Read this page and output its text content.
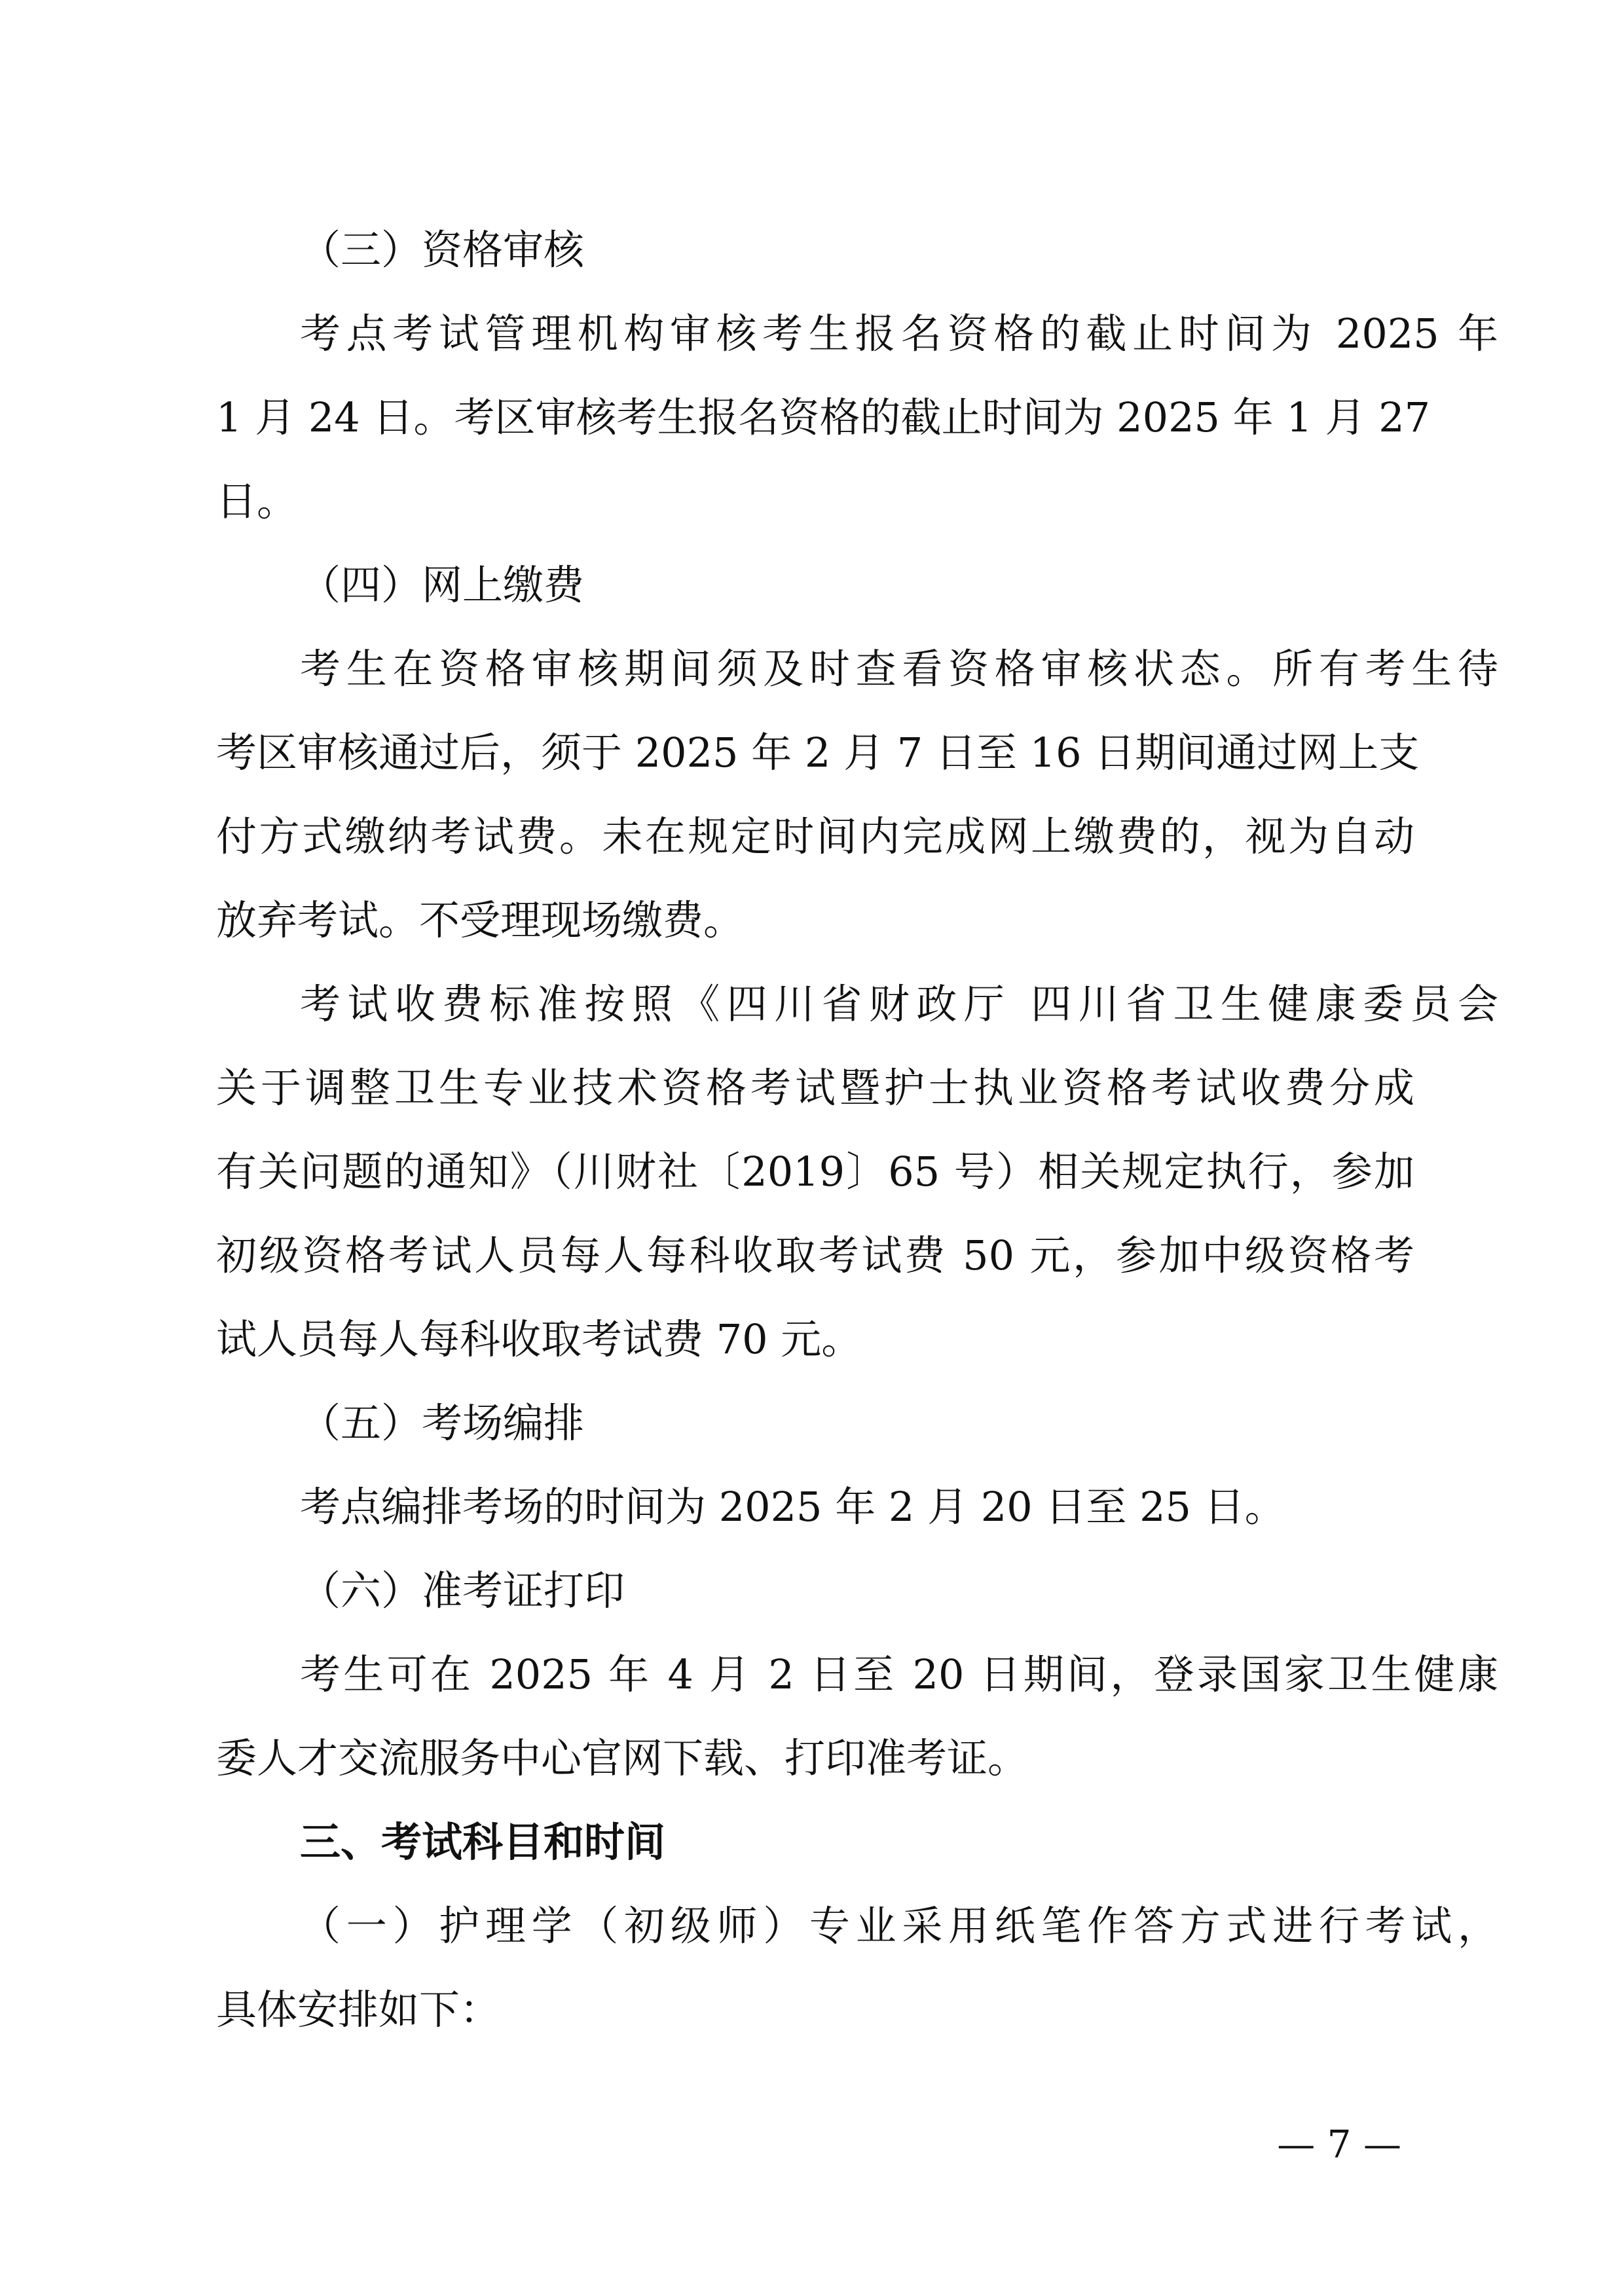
（三）资格审核
考点考试管理机构审核考生报名资格的截止时间为 2025 年
1 月 24 日。考区审核考生报名资格的截止时间为 2025 年 1 月 27
日。
（四）网上缴费
考生在资格审核期间须及时查看资格审核状态。所有考生待
考区审核通过后，须于 2025 年 2 月 7 日至 16 日期间通过网上支
付方式缴纳考试费。未在规定时间内完成网上缴费的，视为自动
放弃考试。不受理现场缴费。
考试收费标准按照《四川省财政厅 四川省卫生健康委员会
关于调整卫生专业技术资格考试暨护士执业资格考试收费分成
有关问题的通知》（川财社〔2019〕65 号）相关规定执行，参加
初级资格考试人员每人每科收取考试费 50 元，参加中级资格考
试人员每人每科收取考试费 70 元。
（五）考场编排
考点编排考场的时间为 2025 年 2 月 20 日至 25 日。
（六）准考证打印
考生可在 2025 年 4 月 2 日至 20 日期间，登录国家卫生健康
委人才交流服务中心官网下载、打印准考证。
三、考试科目和时间
（一）护理学（初级师）专业采用纸笔作答方式进行考试，
具体安排如下：
— 7 —
